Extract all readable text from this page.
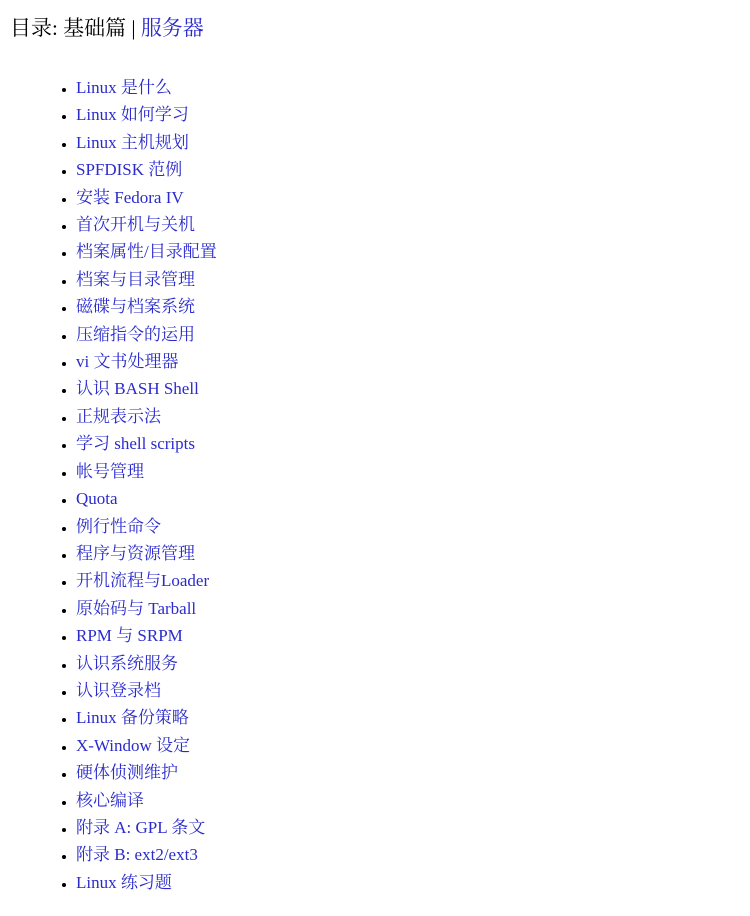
目录: 基础篇 | 服务器

• Linux 是什么
• Linux 如何学习
• Linux 主机规划
• SPFDISK 范例
• 安装 Fedora IV
• 首次开机与关机
• 档案属性/目录配置
• 档案与目录管理
• 磁碟与档案系统
• 压缩指令的运用
• vi 文书处理器
• 认识 BASH Shell
• 正规表示法
• 学习 shell scripts
• 帐号管理
• Quota
• 例行性命令
• 程序与资源管理
• 开机流程与Loader
• 原始码与 Tarball
• RPM 与 SRPM
• 认识系统服务
• 认识登录档
• Linux 备份策略
• X-Window 设定
• 硬体侦测维护
• 核心编译
• 附录 A: GPL 条文
• 附录 B: ext2/ext3
• Linux 练习题
